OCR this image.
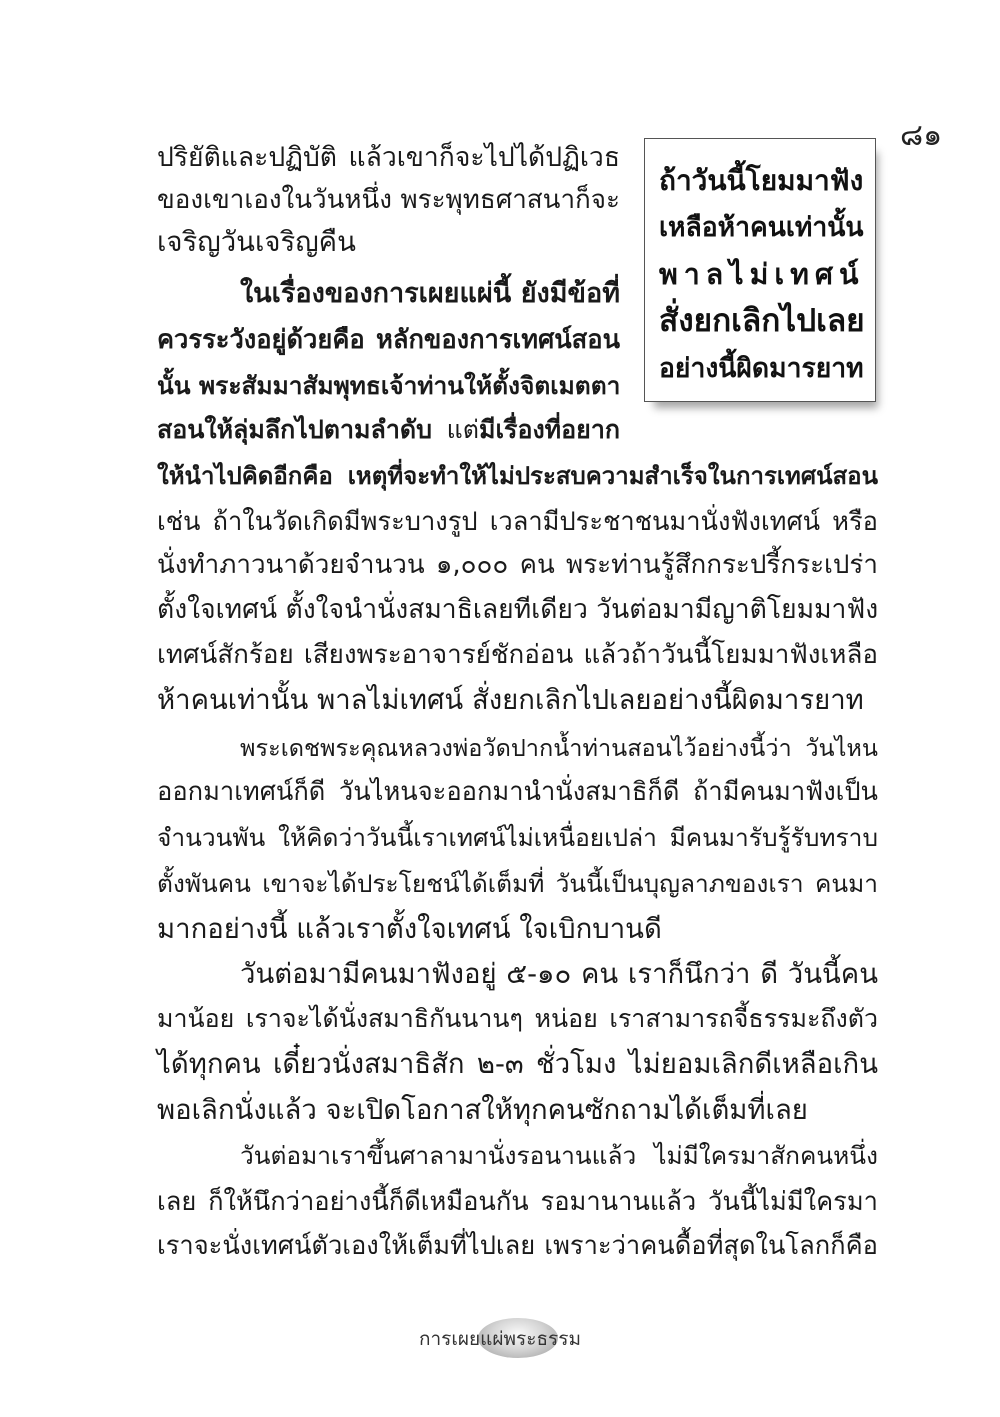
๘๑
ถ้าวันนี้โยมมาฟัง
เหลือห้าคนเท่านั้น
พาลไม่เทศน์
สั่งยกเลิกไปเลย
อย่างนี้ผิดมารยาท
ปริยัติและปฏิบัติ แล้วเขาก็จะไปได้ปฏิเวธ
ของเขาเองในวันหนึ่ง พระพุทธศาสนาก็จะ
เจริญวันเจริญคืน
ในเรื่องของการเผยแผ่นี้ ยังมีข้อที่
ควรระวังอยู่ด้วยคือ หลักของการเทศน์สอน
นั้น พระสัมมาสัมพุทธเจ้าท่านให้ตั้งจิตเมตตา
สอนให้ลุ่มลึกไปตามลำดับ แต่มีเรื่องที่อยาก
ให้นำไปคิดอีกคือ เหตุที่จะทำให้ไม่ประสบความสำเร็จในการเทศน์สอน
เช่น ถ้าในวัดเกิดมีพระบางรูป เวลามีประชาชนมานั่งฟังเทศน์ หรือ
นั่งทำภาวนาด้วยจำนวน ๑,๐๐๐ คน พระท่านรู้สึกกระปรี้กระเปร่า
ตั้งใจเทศน์ ตั้งใจนำนั่งสมาธิเลยทีเดียว วันต่อมามีญาติโยมมาฟัง
เทศน์สักร้อย เสียงพระอาจารย์ชักอ่อน แล้วถ้าวันนี้โยมมาฟังเหลือ
ห้าคนเท่านั้น พาลไม่เทศน์ สั่งยกเลิกไปเลยอย่างนี้ผิดมารยาท
พระเดชพระคุณหลวงพ่อวัดปากน้ำท่านสอนไว้อย่างนี้ว่า วันไหน
ออกมาเทศน์ก็ดี วันไหนจะออกมานำนั่งสมาธิก็ดี ถ้ามีคนมาฟังเป็น
จำนวนพัน ให้คิดว่าวันนี้เราเทศน์ไม่เหนื่อยเปล่า มีคนมารับรู้รับทราบ
ตั้งพันคน เขาจะได้ประโยชน์ได้เต็มที่ วันนี้เป็นบุญลาภของเรา คนมา
มากอย่างนี้ แล้วเราตั้งใจเทศน์ ใจเบิกบานดี
วันต่อมามีคนมาฟังอยู่ ๕-๑๐ คน เราก็นึกว่า ดี วันนี้คน
มาน้อย เราจะได้นั่งสมาธิกันนานๆ หน่อย เราสามารถจี้ธรรมะถึงตัว
ได้ทุกคน เดี๋ยวนั่งสมาธิสัก ๒-๓ ชั่วโมง ไม่ยอมเลิกดีเหลือเกิน
พอเลิกนั่งแล้ว จะเปิดโอกาสให้ทุกคนซักถามได้เต็มที่เลย
วันต่อมาเราขึ้นศาลามานั่งรอนานแล้ว ไม่มีใครมาสักคนหนึ่ง
เลย ก็ให้นึกว่าอย่างนี้ก็ดีเหมือนกัน รอมานานแล้ว วันนี้ไม่มีใครมา
เราจะนั่งเทศน์ตัวเองให้เต็มที่ไปเลย เพราะว่าคนดื้อที่สุดในโลกก็คือ
การเผยแผ่พระธรรม
